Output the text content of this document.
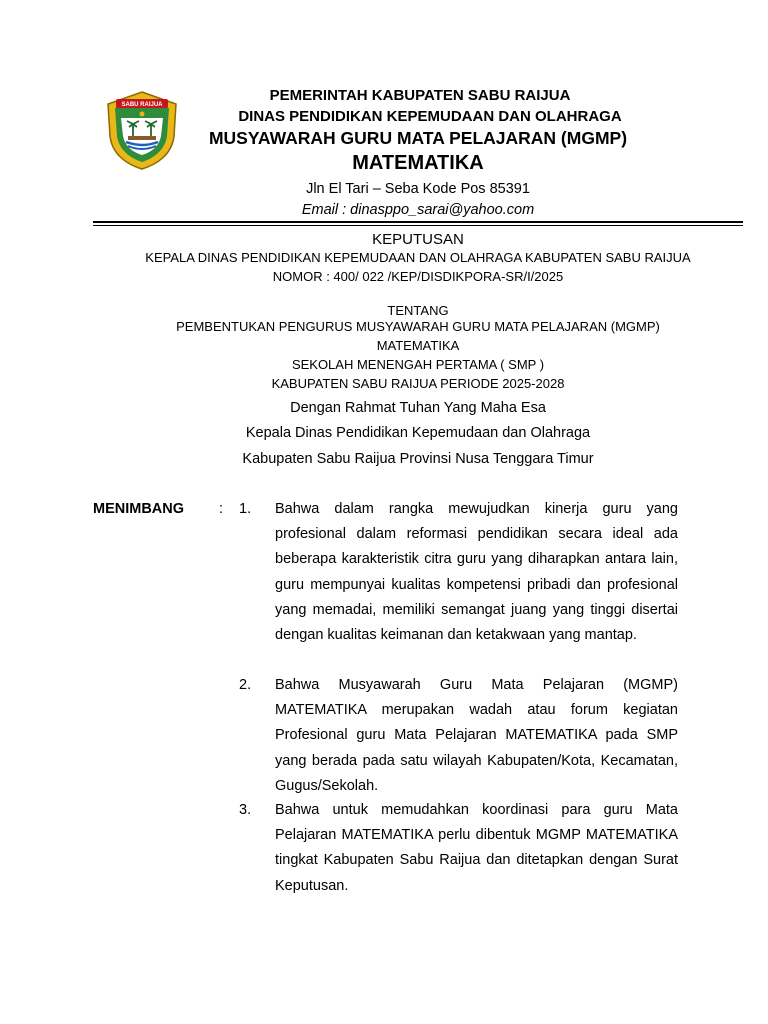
SABU RAIJUA
PEMERINTAH KABUPATEN SABU RAIJUA
DINAS PENDIDIKAN KEPEMUDAAN DAN OLAHRAGA
MUSYAWARAH GURU MATA PELAJARAN (MGMP)
MATEMATIKA
Jln El Tari – Seba Kode Pos 85391
Email : dinasppo_sarai@yahoo.com
KEPUTUSAN
KEPALA DINAS PENDIDIKAN KEPEMUDAAN DAN OLAHRAGA KABUPATEN SABU RAIJUA
NOMOR : 400/ 022 /KEP/DISDIKPORA-SR/I/2025
TENTANG
PEMBENTUKAN PENGURUS MUSYAWARAH GURU MATA PELAJARAN (MGMP)
MATEMATIKA
SEKOLAH MENENGAH PERTAMA ( SMP )
KABUPATEN SABU RAIJUA PERIODE 2025-2028
Dengan Rahmat Tuhan Yang Maha Esa
Kepala Dinas Pendidikan Kepemudaan dan Olahraga
Kabupaten Sabu Raijua Provinsi Nusa Tenggara Timur
MENIMBANG : 1. Bahwa dalam rangka mewujudkan kinerja guru yang profesional dalam reformasi pendidikan secara ideal ada beberapa karakteristik citra guru yang diharapkan antara lain, guru mempunyai kualitas kompetensi pribadi dan profesional yang memadai, memiliki semangat juang yang tinggi disertai dengan kualitas keimanan dan ketakwaan yang mantap.
2. Bahwa Musyawarah Guru Mata Pelajaran (MGMP) MATEMATIKA merupakan wadah atau forum kegiatan Profesional guru Mata Pelajaran MATEMATIKA pada SMP yang berada pada satu wilayah Kabupaten/Kota, Kecamatan, Gugus/Sekolah.
3. Bahwa untuk memudahkan koordinasi para guru Mata Pelajaran MATEMATIKA perlu dibentuk MGMP MATEMATIKA tingkat Kabupaten Sabu Raijua dan ditetapkan dengan Surat Keputusan.
